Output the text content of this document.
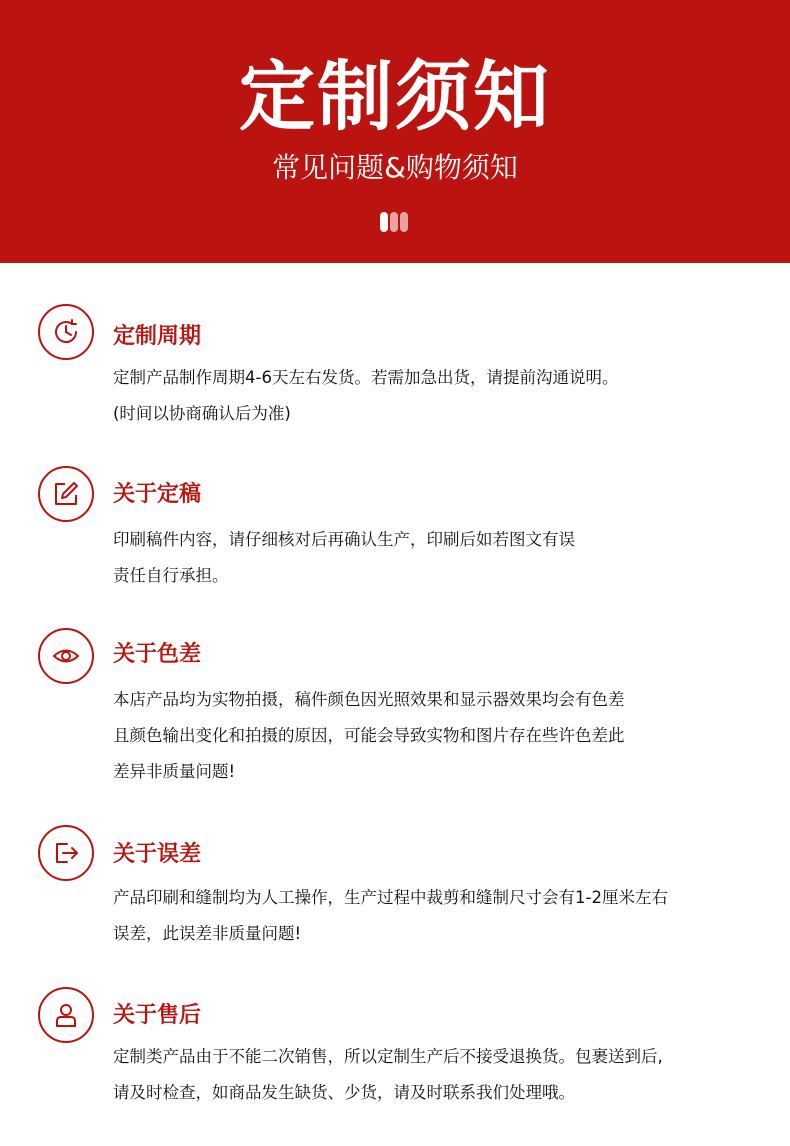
定制须知
常见问题&购物须知
定制周期
定制产品制作周期4-6天左右发货。若需加急出货，请提前沟通说明。
(时间以协商确认后为准)
关于定稿
印刷稿件内容，请仔细核对后再确认生产，印刷后如若图文有误
责任自行承担。
关于色差
本店产品均为实物拍摄，稿件颜色因光照效果和显示器效果均会有色差
且颜色输出变化和拍摄的原因，可能会导致实物和图片存在些许色差此
差异非质量问题!
关于误差
产品印刷和缝制均为人工操作，生产过程中裁剪和缝制尺寸会有1-2厘米左右
误差，此误差非质量问题!
关于售后
定制类产品由于不能二次销售，所以定制生产后不接受退换货。包裹送到后,
请及时检查，如商品发生缺货、少货，请及时联系我们处理哦。
